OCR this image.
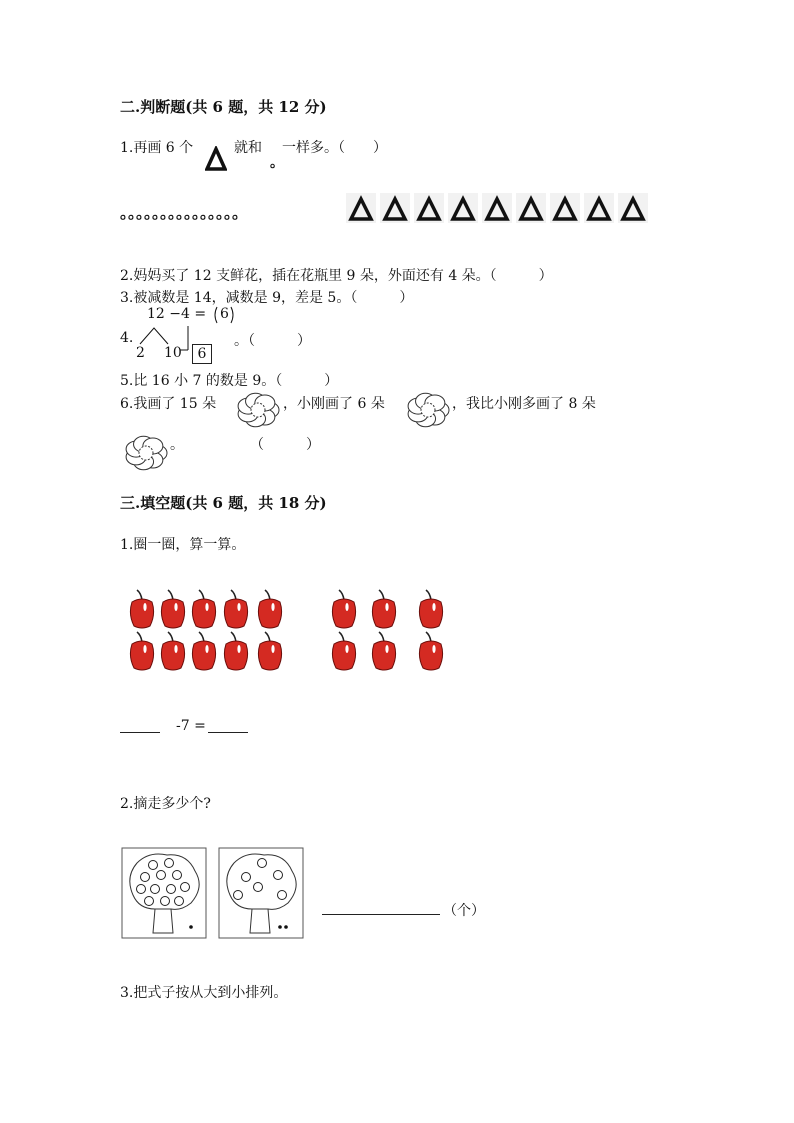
二.判断题(共 6 题，共 12 分)
1.再画 6 个	就和 一样多。（　　）
。
。。。。。。。。。。。。。。。
2.妈妈买了 12 支鲜花，插在花瓶里 9 朵，外面还有 4 朵。（　　　）
3.被减数是 14，减数是 9，差是 5。（　　　）
12 −4 = 6
4.
2 10	6
。（　　　）
5.比 16 小 7 的数是 9。（　　　）
6.我画了 15 朵	，小刚画了 6 朵	，我比小刚多画了 8 朵
。	（　　　）
三.填空题(共 6 题，共 18 分)
1.圈一圈，算一算。
-7 =
2.摘走多少个?
（个）
3.把式子按从大到小排列。
